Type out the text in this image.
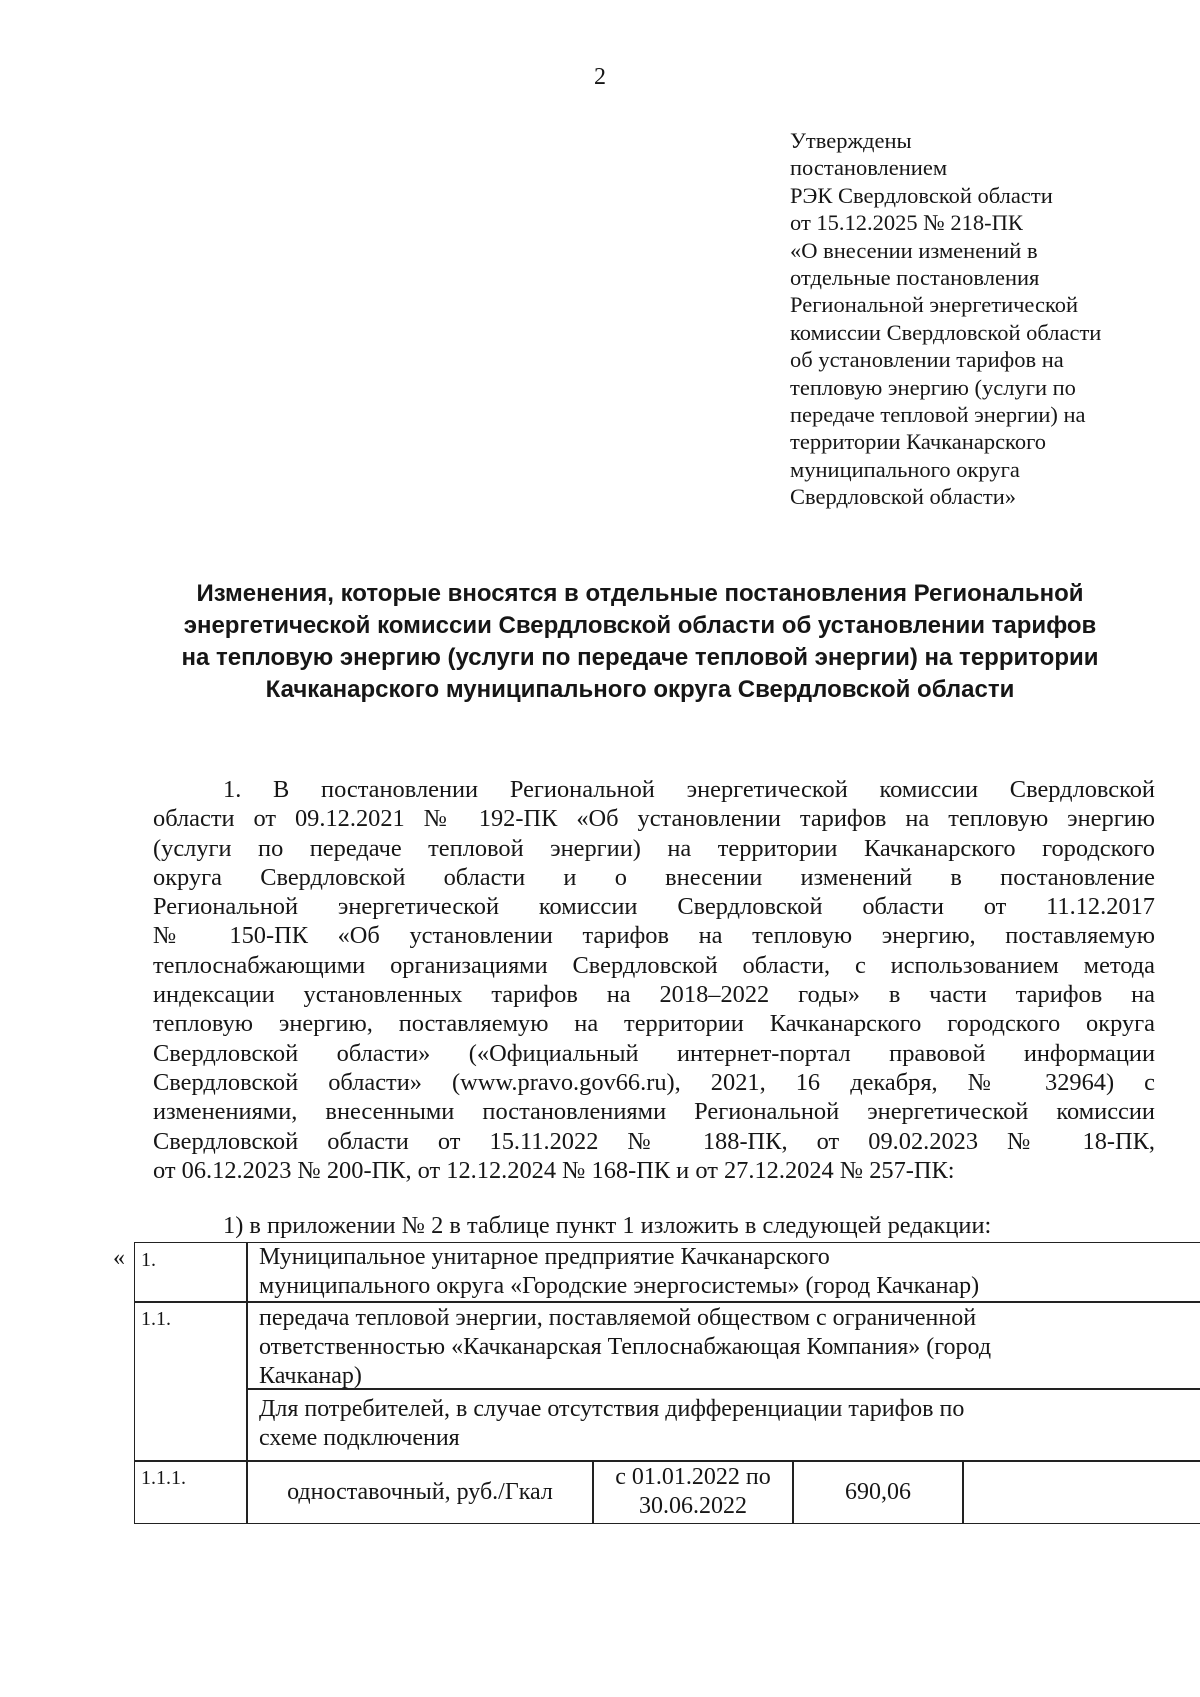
2
Утверждены
постановлением
РЭК Свердловской области
от 15.12.2025 № 218-ПК
«О внесении изменений в
отдельные постановления
Региональной энергетической
комиссии Свердловской области
об установлении тарифов на
тепловую энергию (услуги по
передаче тепловой энергии) на
территории Качканарского
муниципального округа
Свердловской области»
Изменения, которые вносятся в отдельные постановления Региональной
энергетической комиссии Свердловской области об установлении тарифов
на тепловую энергию (услуги по передаче тепловой энергии) на территории
Качканарского муниципального округа Свердловской области
1. В постановлении Региональной энергетической комиссии Свердловской
области от 09.12.2021 № 192-ПК «Об установлении тарифов на тепловую энергию
(услуги по передаче тепловой энергии) на территории Качканарского городского
округа Свердловской области и о внесении изменений в постановление
Региональной энергетической комиссии Свердловской области от 11.12.2017
№ 150-ПК «Об установлении тарифов на тепловую энергию, поставляемую
теплоснабжающими организациями Свердловской области, с использованием метода
индексации установленных тарифов на 2018–2022 годы» в части тарифов на
тепловую энергию, поставляемую на территории Качканарского городского округа
Свердловской области» («Официальный интернет-портал правовой информации
Свердловской области» (www.pravo.gov66.ru), 2021, 16 декабря, № 32964) с
изменениями, внесенными постановлениями Региональной энергетической комиссии
Свердловской области от 15.11.2022 № 188-ПК, от 09.02.2023 № 18-ПК,
от 06.12.2023 № 200-ПК, от 12.12.2024 № 168-ПК и от 27.12.2024 № 257-ПК:
1) в приложении № 2 в таблице пункт 1 изложить в следующей редакции:
« 1.	Муниципальное унитарное предприятие Качканарского
муниципального округа «Городские энергосистемы» (город Качканар)
1.1.	передача тепловой энергии, поставляемой обществом с ограниченной
ответственностью «Качканарская Теплоснабжающая Компания» (город
Качканар)
Для потребителей, в случае отсутствия дифференциации тарифов по
схеме подключения
1.1.1.
одноставочный, руб./Гкал
с 01.01.2022 по
30.06.2022
690,06
